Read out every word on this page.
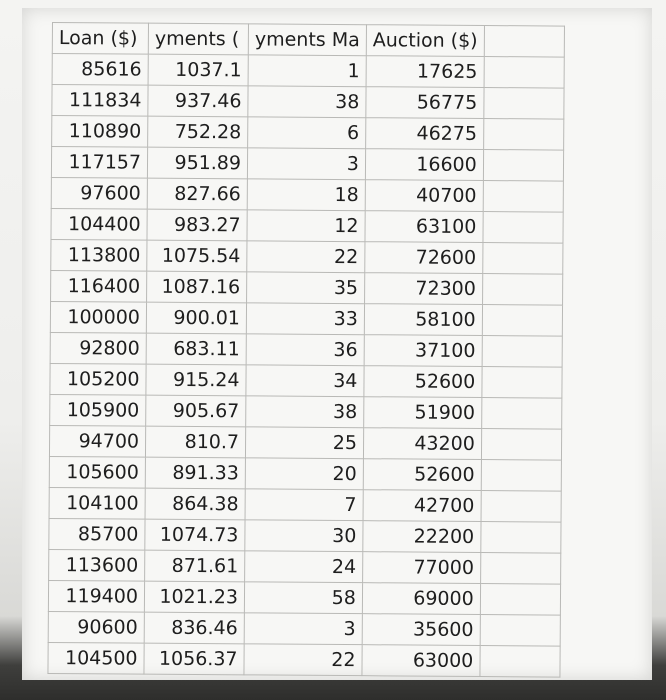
Loan ($)	yments (	yments Ma	Auction ($)	
85616	1037.1	1	17625	
111834	937.46	38	56775	
110890	752.28	6	46275	
117157	951.89	3	16600	
97600	827.66	18	40700	
104400	983.27	12	63100	
113800	1075.54	22	72600	
116400	1087.16	35	72300	
100000	900.01	33	58100	
92800	683.11	36	37100	
105200	915.24	34	52600	
105900	905.67	38	51900	
94700	810.7	25	43200	
105600	891.33	20	52600	
104100	864.38	7	42700	
85700	1074.73	30	22200	
113600	871.61	24	77000	
119400	1021.23	58	69000	
90600	836.46	3	35600	
104500	1056.37	22	63000	
